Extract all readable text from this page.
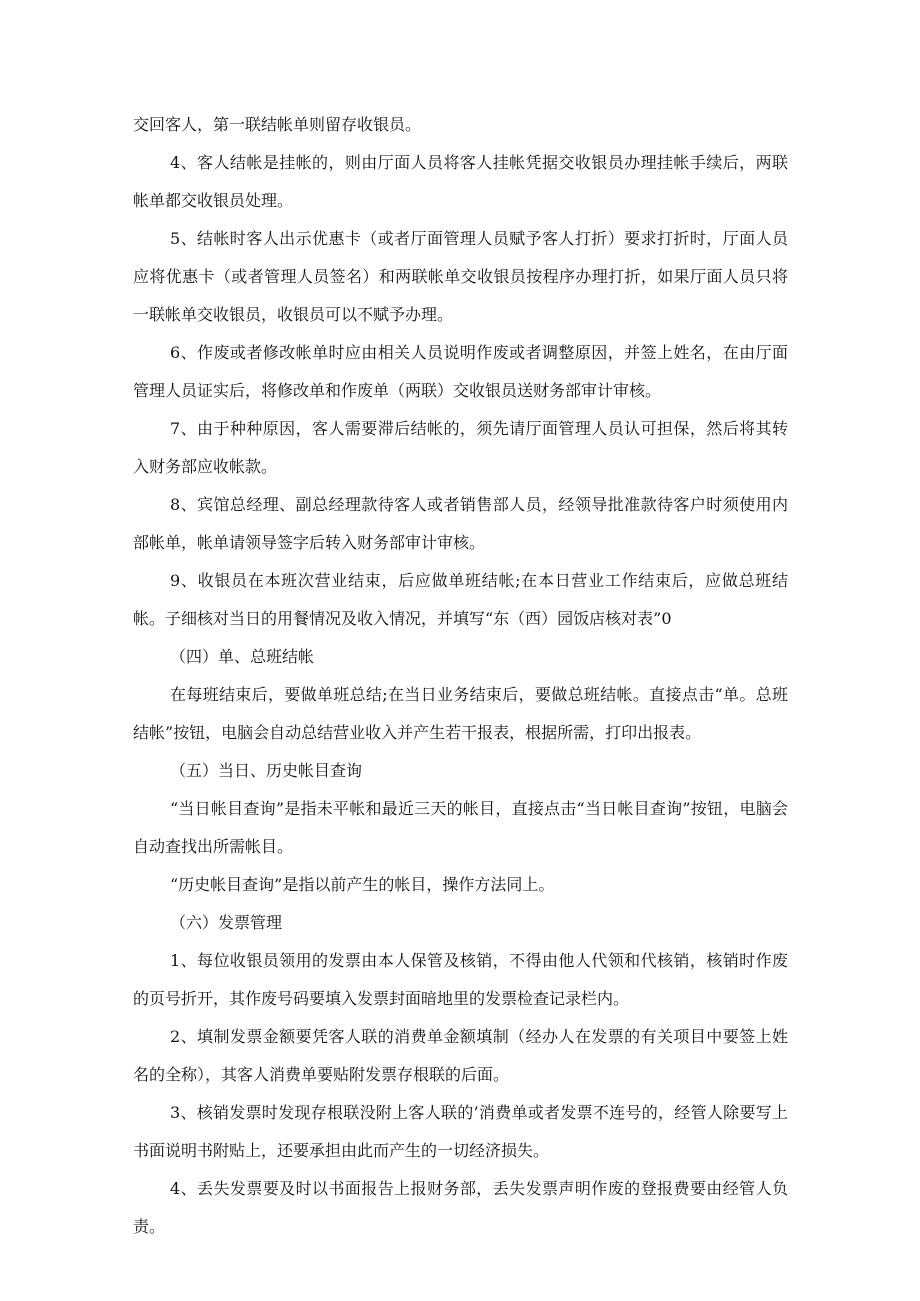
交回客人，第一联结帐单则留存收银员。

4、客人结帐是挂帐的，则由厅面人员将客人挂帐凭据交收银员办理挂帐手续后，两联帐单都交收银员处理。

5、结帐时客人出示优惠卡（或者厅面管理人员赋予客人打折）要求打折时，厅面人员应将优惠卡（或者管理人员签名）和两联帐单交收银员按程序办理打折，如果厅面人员只将一联帐单交收银员，收银员可以不赋予办理。

6、作废或者修改帐单时应由相关人员说明作废或者调整原因，并签上姓名，在由厅面管理人员证实后，将修改单和作废单（两联）交收银员送财务部审计审核。

7、由于种种原因，客人需要滞后结帐的，须先请厅面管理人员认可担保，然后将其转入财务部应收帐款。

8、宾馆总经理、副总经理款待客人或者销售部人员，经领导批准款待客户时须使用内部帐单，帐单请领导签字后转入财务部审计审核。

9、收银员在本班次营业结束，后应做单班结帐;在本日营业工作结束后，应做总班结帐。子细核对当日的用餐情况及收入情况，并填写“东（西）园饭店核对表”0

（四）单、总班结帐

在每班结束后，要做单班总结;在当日业务结束后，要做总班结帐。直接点击“单。总班结帐”按钮，电脑会自动总结营业收入并产生若干报表，根据所需，打印出报表。

（五）当日、历史帐目查询

“当日帐目查询”是指未平帐和最近三天的帐目，直接点击“当日帐目查询”按钮，电脑会自动查找出所需帐目。

“历史帐目查询”是指以前产生的帐目，操作方法同上。

（六）发票管理

1、每位收银员领用的发票由本人保管及核销，不得由他人代领和代核销，核销时作废的页号折开，其作废号码要填入发票封面暗地里的发票检查记录栏内。

2、填制发票金额要凭客人联的消费单金额填制（经办人在发票的有关项目中要签上姓名的全称），其客人消费单要贴附发票存根联的后面。

3、核销发票时发现存根联没附上客人联的’消费单或者发票不连号的，经管人除要写上书面说明书附贴上，还要承担由此而产生的一切经济损失。

4、丢失发票要及时以书面报告上报财务部，丢失发票声明作废的登报费要由经管人负责。
